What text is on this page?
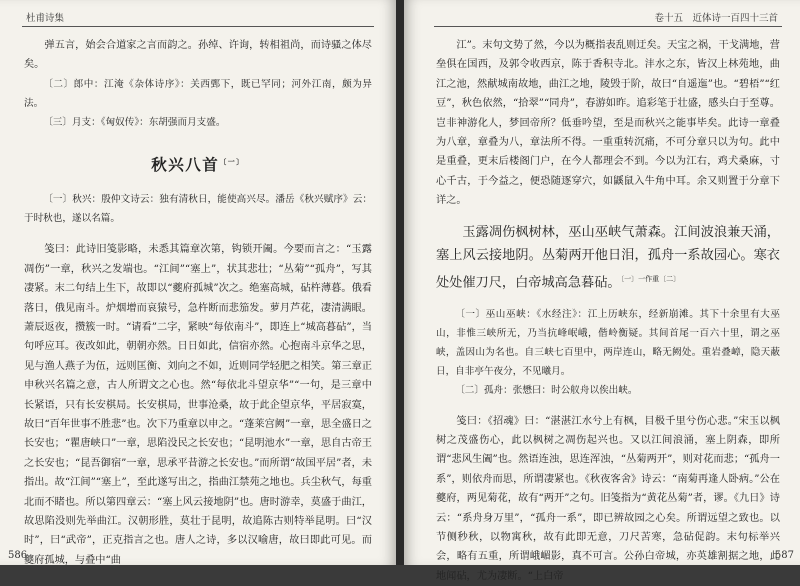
杜甫诗集

弹五言，始会合道家之言而韵之。孙绰、许询，转相祖尚，而诗骚之体尽矣。

〔二〕郎中：江淹《杂体诗序》：关西鄄下，既已罕同；河外江南，颇为异法。

〔三〕月支：《匈奴传》：东胡强而月支盛。

秋兴八首$^{〔一〕}$

〔一〕秋兴：殷仲文诗云：独有清秋日，能使高兴尽。潘岳《秋兴赋序》云：于时秋也，遂以名篇。

笺曰：此诗旧笺影略，未悉其篇章次第，钩锁开阖。今要而言之：“玉露凋伤”一章，秋兴之发端也。“江间”“塞上”，状其悲壮；“丛菊”“孤舟”，写其凄紧。末二句结上生下，故即以“夔府孤城”次之。绝塞高城，砧杵薄暮。俄看落日，俄见南斗。炉烟增而哀猿号，急杵断而悲笳发。萝月芦花，凄清满眼。萧辰返夜，攒簇一时。“请看”二字，紧映“每依南斗”，即连上“城高暮砧”，当句呼应耳。夜改如此，朝朝亦然。日日如此，信宿亦然。心抱南斗京华之思，见与渔人燕子为伍，远则匡衡、刘向之不如，近则同学轻肥之相笑。第三章正申秋兴名篇之意，古人所谓文之心也。然“每依北斗望京华”“一句，是三章中长紧语，只有长安棋局。长安棋局，世事沧桑，故于此企望京华，平居寂寞，故曰“百年世事不胜悲”也。次下乃重章以申之。“蓬莱宫阙”一章，思全盛日之长安也；“瞿唐峡口”一章，思陷没民之长安也；“昆明池水”一章，思自古帝王之长安也；“昆吾御宿”一章，思承平昔游之长安也。”而所谓“故国平居”者，未指出。故“江间”“塞上”，至此遂写出之，指曲江禁苑之地也。兵尘秋气，每重北而不睹也。所以第四章云：“塞上风云接地阴”也。唐时游幸，莫盛于曲江，故思陷没则先举曲江。汉朝形胜，莫壮于昆明，故追陈古则特举昆明。曰“汉时”，曰“武帝”，正克指言之也。唐人之诗，多以汉喻唐，故曰即此可见。而夔府孤城，与叠中“曲

586
卷十五　近体诗一百四十三首

江”。末句文势了然，今以为概指表乱则迂矣。天宝之祸，干戈满地，营垒俱在国西，及郭令收西京，陈于香积寺北。沣水之东，皆汉上林苑地，曲江之池，然献城南故地，曲江之地，陵毁于阶，故曰“自遥迤”也。“碧梧”“红豆”，秋色依然，“拾翠”“同舟”，春游如昨。追彩笔于壮盛，感头白于至尊。岂非神游化人，梦回帝所？低垂吟望，至是而秋兴之能事毕矣。此诗一章叠为八章，章叠为八，章法所不得。一重重转沉痛，不可分章只以为句。此中是重叠，更末后楼阁门户，在今人都理会不到。今以为江右，鸡犬桑麻，寸心千古，于今益之，便恐随逐穿穴，如鼷鼠入牛角中耳。余又则置于分章下详之。

玉露凋伤枫树林，巫山巫峡气萧森。江间波浪兼天涌，塞上风云接地阴。丛菊两开他日泪，孤舟一系故园心。寒衣处处催刀尺，白帝城高急暮砧。$^{〔一〕一作重〔二〕}$

〔一〕巫山巫峡：《水经注》：江上历峡东，经新崩滩。其下十余里有大巫山，非惟三峡所无，乃当抗峰岷峨，偕岭衡疑。其间首尾一百六十里，谓之巫峡，盖因山为名也。自三峡七百里中，两岸连山，略无阙处。重岩叠嶂，隐天蔽日，自非亭午夜分，不见曦月。

〔二〕孤舟：张懋曰：时公舣舟以俟出峡。

笺曰：《招魂》曰：“湛湛江水兮上有枫，目极千里兮伤心悲。”宋玉以枫树之茂盛伤心，此以枫树之凋伤起兴也。又以江间浪涌，塞上阴森，即所谓“悲风生阖”也。然语连浊，思连浑浊，“丛菊两开”，则对花而悲；“孤舟一系”，则依舟而思，所谓凄紧也。《秋夜客舍》诗云：“南菊再逢人卧病。”公在夔府，两见菊花，故有“两开”之句。旧笺指为“黄花丛菊”者，谬。《九日》诗云：“系舟身万里”，“孤舟一系”，即已辨故园之心矣。所谓远望之致也。以节侧秒秋，以物寓秋，故有此即无意，刀尺苦寒，急砧促韵。末句标举兴会，略有五重，所谓峨嵋影，真不可言。公孙白帝城，亦英雄割据之地，此地闻砧，尤为凄断。“上白帝

587
